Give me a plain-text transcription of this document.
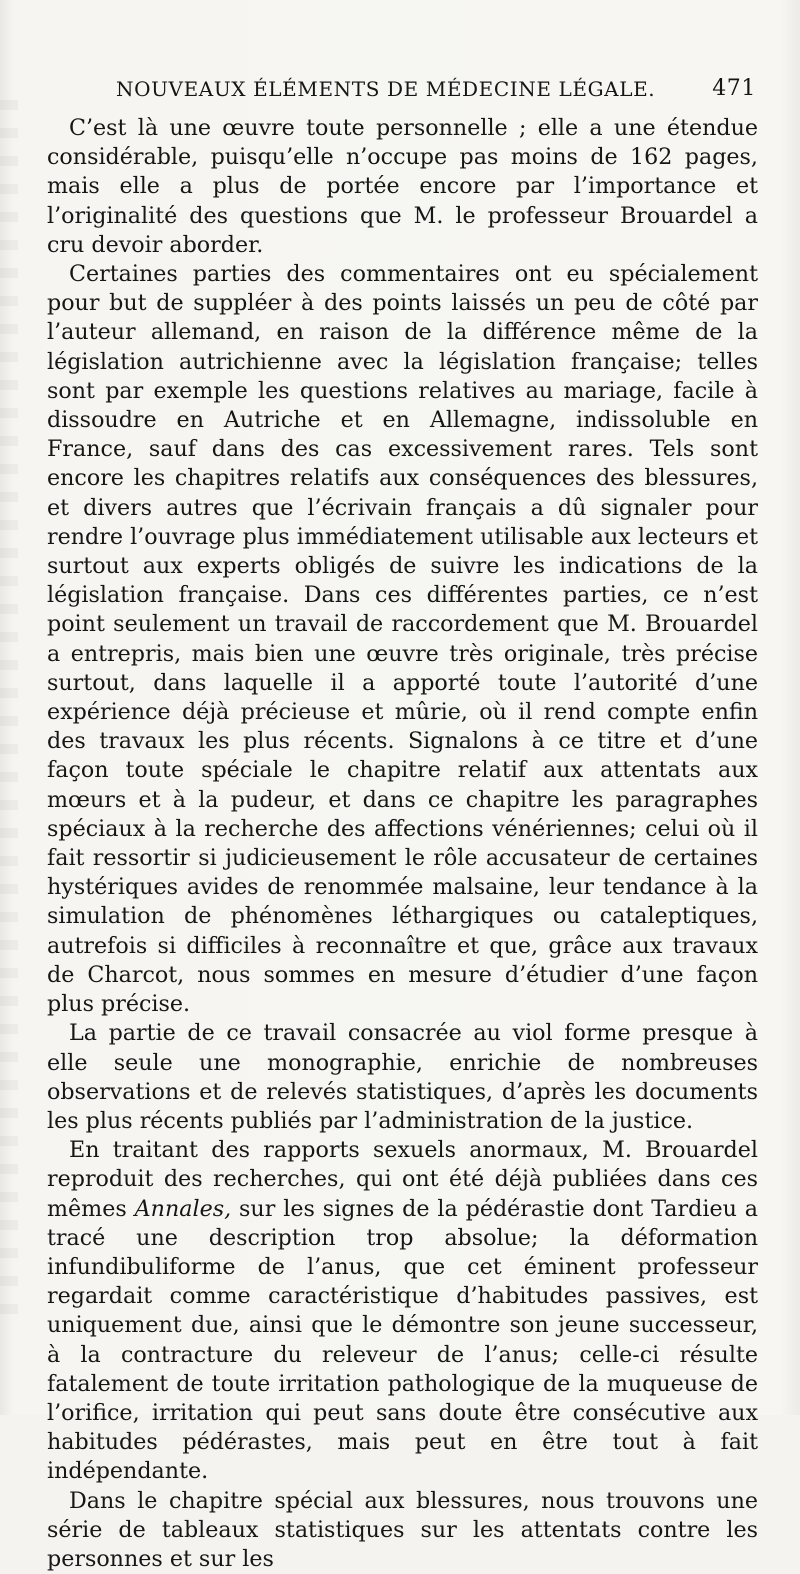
NOUVEAUX ÉLÉMENTS DE MÉDECINE LÉGALE.	471

C’est là une œuvre toute personnelle ; elle a une étendue considérable, puisqu’elle n’occupe pas moins de 162 pages, mais elle a plus de portée encore par l’importance et l’originalité des questions que M. le professeur Brouardel a cru devoir aborder.

Certaines parties des commentaires ont eu spécialement pour but de suppléer à des points laissés un peu de côté par l’auteur allemand, en raison de la différence même de la législation autrichienne avec la législation française; telles sont par exemple les questions relatives au mariage, facile à dissoudre en Autriche et en Allemagne, indissoluble en France, sauf dans des cas excessivement rares. Tels sont encore les chapitres relatifs aux conséquences des blessures, et divers autres que l’écrivain français a dû signaler pour rendre l’ouvrage plus immédiatement utilisable aux lecteurs et surtout aux experts obligés de suivre les indications de la législation française. Dans ces différentes parties, ce n’est point seulement un travail de raccordement que M. Brouardel a entrepris, mais bien une œuvre très originale, très précise surtout, dans laquelle il a apporté toute l’autorité d’une expérience déjà précieuse et mûrie, où il rend compte enfin des travaux les plus récents. Signalons à ce titre et d’une façon toute spéciale le chapitre relatif aux attentats aux mœurs et à la pudeur, et dans ce chapitre les paragraphes spéciaux à la recherche des affections vénériennes; celui où il fait ressortir si judicieusement le rôle accusateur de certaines hystériques avides de renommée malsaine, leur tendance à la simulation de phénomènes léthargiques ou cataleptiques, autrefois si difficiles à reconnaître et que, grâce aux travaux de Charcot, nous sommes en mesure d’étudier d’une façon plus précise.

La partie de ce travail consacrée au viol forme presque à elle seule une monographie, enrichie de nombreuses observations et de relevés statistiques, d’après les documents les plus récents publiés par l’administration de la justice.

En traitant des rapports sexuels anormaux, M. Brouardel reproduit des recherches, qui ont été déjà publiées dans ces mêmes Annales, sur les signes de la pédérastie dont Tardieu a tracé une description trop absolue; la déformation infundibuliforme de l’anus, que cet éminent professeur regardait comme caractéristique d’habitudes passives, est uniquement due, ainsi que le démontre son jeune successeur, à la contracture du releveur de l’anus; celle-ci résulte fatalement de toute irritation pathologique de la muqueuse de l’orifice, irritation qui peut sans doute être consécutive aux habitudes pédérastes, mais peut en être tout à fait indépendante.

Dans le chapitre spécial aux blessures, nous trouvons une série de tableaux statistiques sur les attentats contre les personnes et sur les
